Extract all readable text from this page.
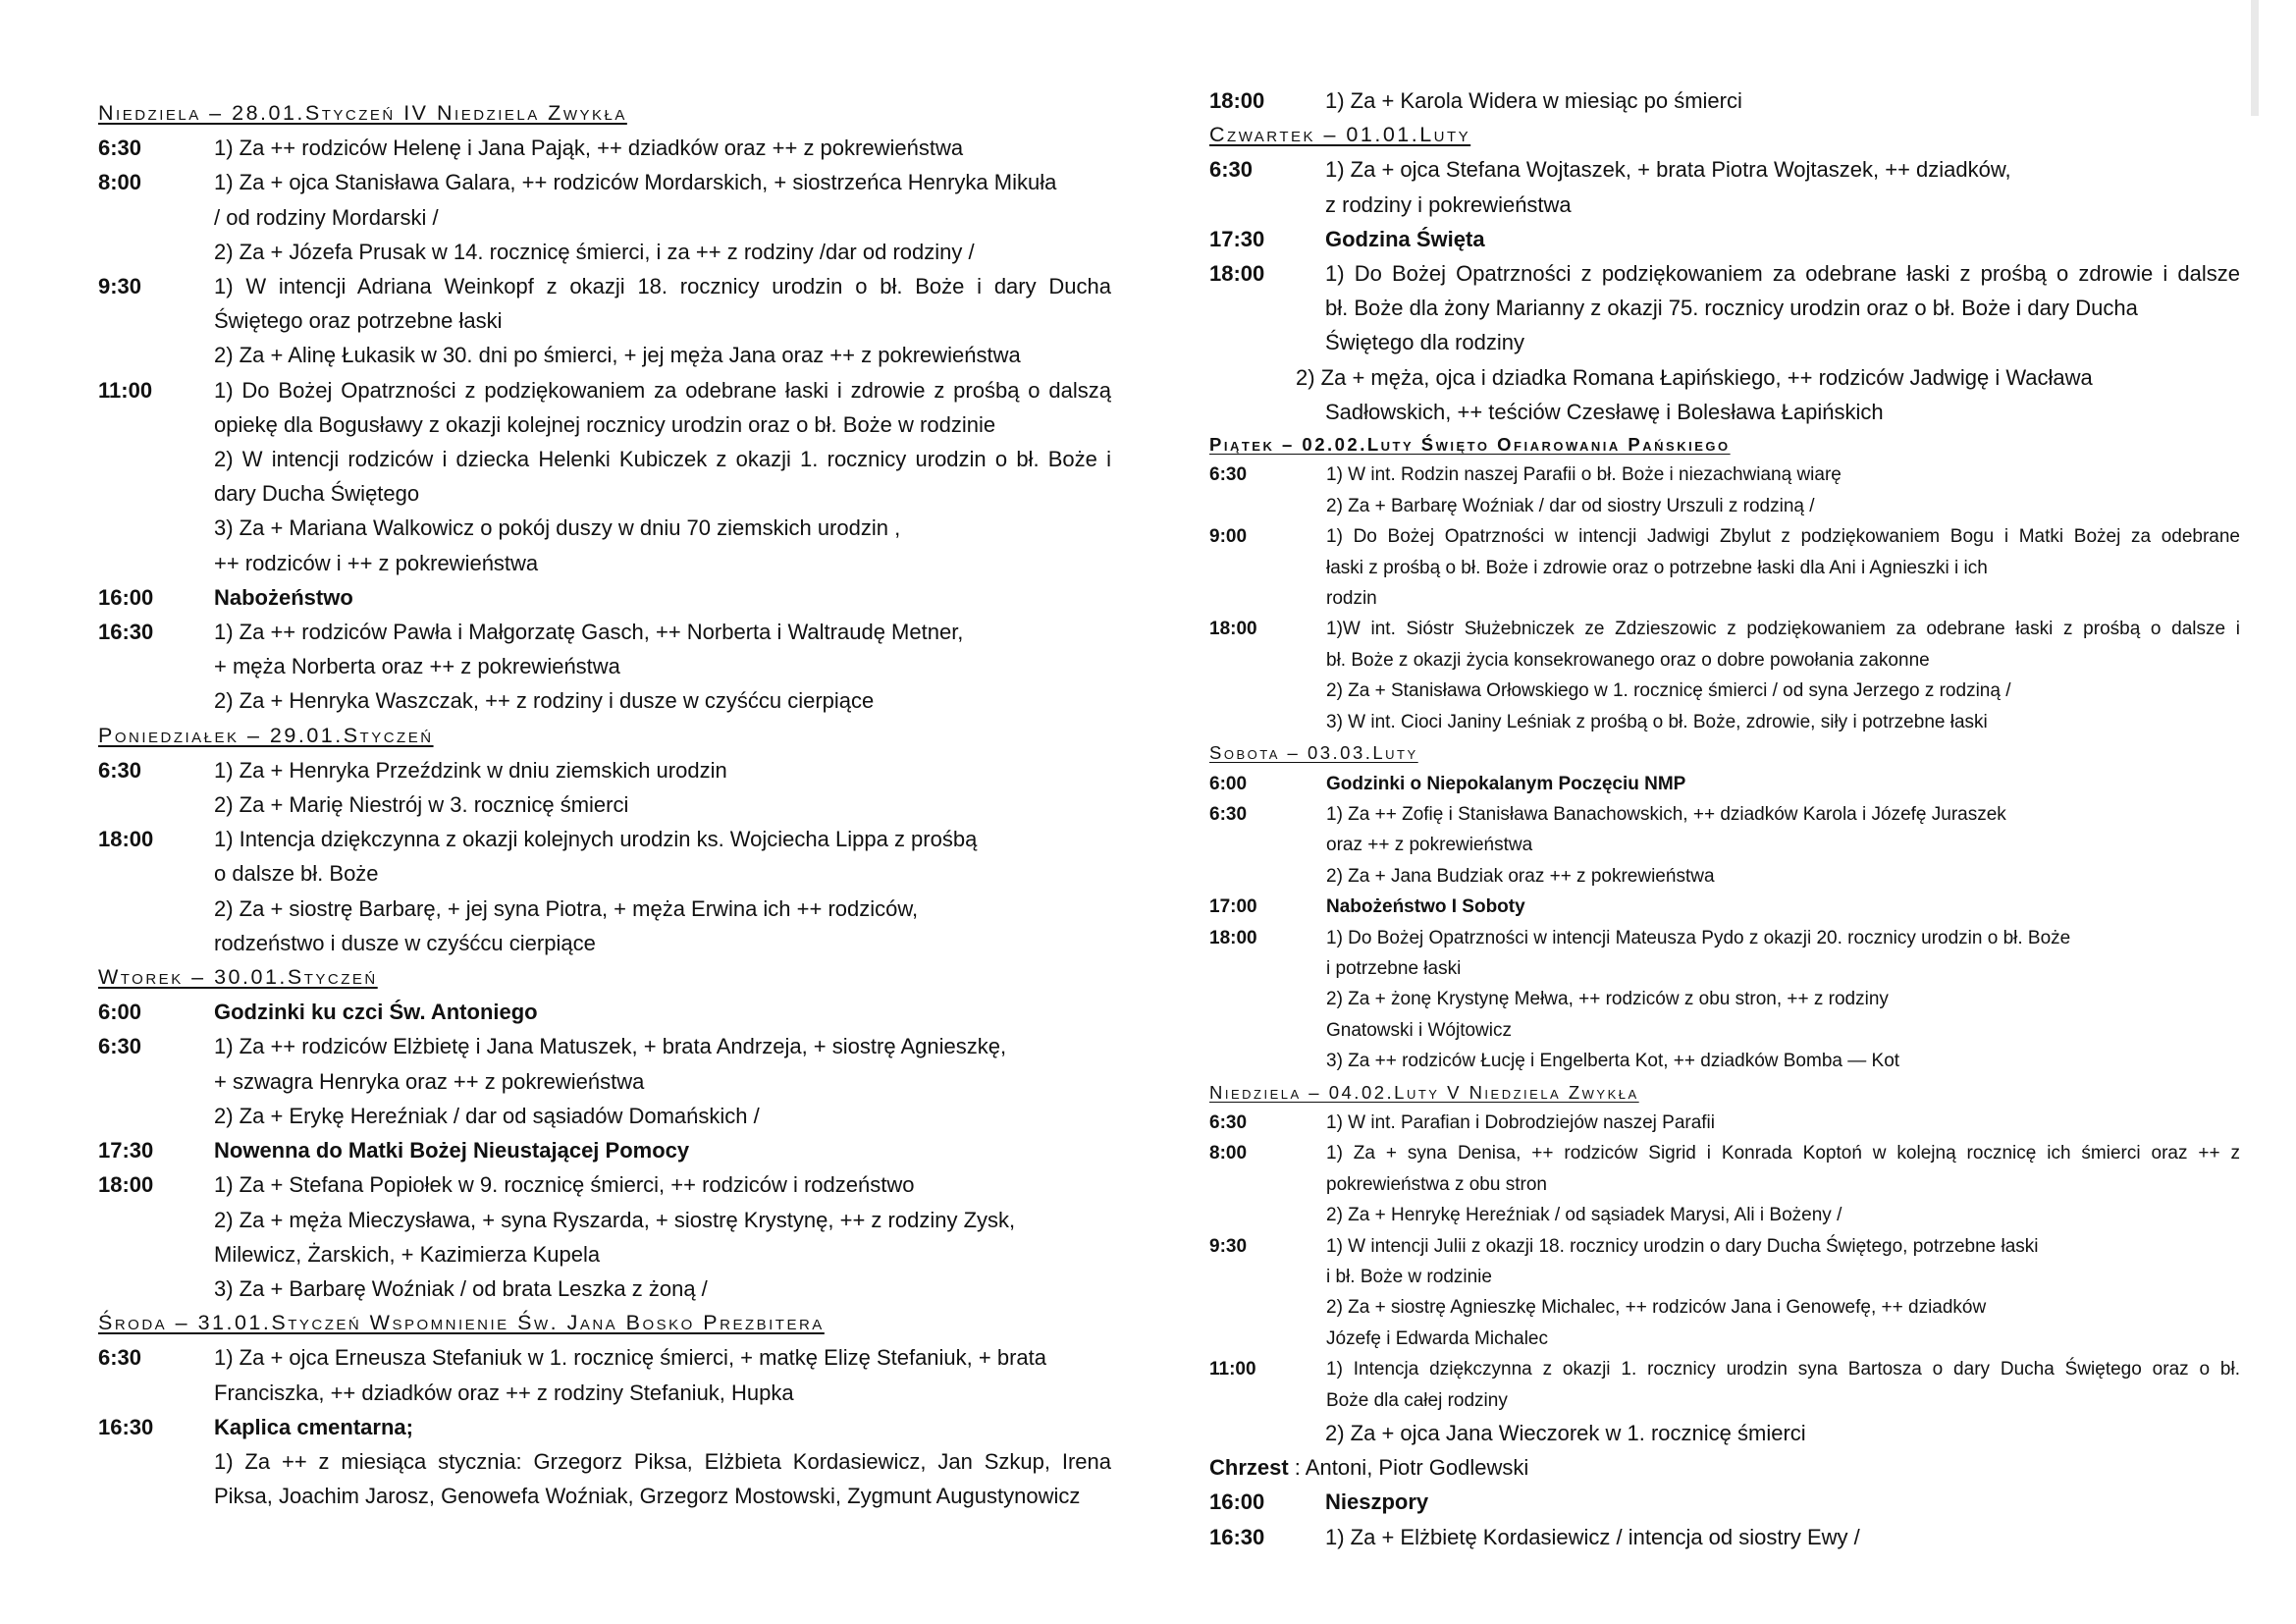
Niedziela – 28.01.Styczeń IV Niedziela Zwykła
6:30	1) Za ++ rodziców Helenę i Jana Pająk, ++ dziadków oraz ++ z pokrewieństwa
8:00	1) Za + ojca Stanisława Galara, ++ rodziców Mordarskich, + siostrzeńca Henryka Mikuła
/ od rodziny Mordarski /
2) Za + Józefa Prusak w 14. rocznicę śmierci, i za ++ z rodziny /dar od rodziny /
9:30	1) W intencji Adriana Weinkopf z okazji 18. rocznicy urodzin o bł. Boże i dary Ducha
Świętego oraz potrzebne łaski
2) Za + Alinę Łukasik w 30. dni po śmierci, + jej męża Jana oraz ++ z pokrewieństwa
11:00	1) Do Bożej Opatrzności z podziękowaniem za odebrane łaski i zdrowie z prośbą o dalszą
opiekę dla Bogusławy z okazji kolejnej rocznicy urodzin oraz o bł. Boże w rodzinie
2) W intencji rodziców i dziecka Helenki Kubiczek z okazji 1. rocznicy urodzin o bł. Boże i
dary Ducha Świętego
3) Za + Mariana Walkowicz o pokój duszy w dniu 70 ziemskich urodzin ,
++ rodziców i ++ z pokrewieństwa
16:00	Nabożeństwo
16:30	1) Za ++ rodziców Pawła i Małgorzatę Gasch, ++ Norberta i Waltraudę Metner,
+ męża Norberta oraz ++ z pokrewieństwa
2) Za + Henryka Waszczak, ++ z rodziny i dusze w czyśćcu cierpiące
Poniedziałek – 29.01.Styczeń
6:30	1) Za + Henryka Przeździnk w dniu ziemskich urodzin
2) Za + Marię Niestrój w 3. rocznicę śmierci
18:00	1) Intencja dziękczynna z okazji kolejnych urodzin ks. Wojciecha Lippa z prośbą
o dalsze bł. Boże
2) Za + siostrę Barbarę, + jej syna Piotra, + męża Erwina ich ++ rodziców,
rodzeństwo i dusze w czyśćcu cierpiące
Wtorek – 30.01.Styczeń
6:00	Godzinki ku czci Św. Antoniego
6:30	1) Za ++ rodziców Elżbietę i Jana Matuszek, + brata Andrzeja, + siostrę Agnieszkę,
+ szwagra Henryka oraz ++ z pokrewieństwa
2) Za + Erykę Hereźniak / dar od sąsiadów Domańskich /
17:30	Nowenna do Matki Bożej Nieustającej Pomocy
18:00	1) Za + Stefana Popiołek w 9. rocznicę śmierci, ++ rodziców i rodzeństwo
2) Za + męża Mieczysława, + syna Ryszarda, + siostrę Krystynę, ++ z rodziny Zysk,
Milewicz, Żarskich, + Kazimierza Kupela
3) Za + Barbarę Woźniak / od brata Leszka z żoną /
Środa – 31.01.Styczeń Wspomnienie Św. Jana Bosko Prezbitera
6:30	1) Za + ojca Erneusza Stefaniuk w 1. rocznicę śmierci, + matkę Elizę Stefaniuk, + brata
Franciszka, ++ dziadków oraz ++ z rodziny Stefaniuk, Hupka
16:30	Kaplica cmentarna;
1) Za ++ z miesiąca stycznia: Grzegorz Piksa, Elżbieta Kordasiewicz, Jan Szkup, Irena
Piksa, Joachim Jarosz, Genowefa Woźniak, Grzegorz Mostowski, Zygmunt Augustynowicz
18:00	1) Za + Karola Widera w miesiąc po śmierci
Czwartek – 01.01.Luty
6:30	1) Za + ojca Stefana Wojtaszek, + brata Piotra Wojtaszek, ++ dziadków,
z rodziny i pokrewieństwa
17:30	Godzina Święta
18:00	1) Do Bożej Opatrzności z podziękowaniem za odebrane łaski z prośbą o zdrowie i dalsze
bł. Boże dla żony Marianny z okazji 75. rocznicy urodzin oraz o bł. Boże i dary Ducha
Świętego dla rodziny
2) Za + męża, ojca i dziadka Romana Łapińskiego, ++ rodziców Jadwigę i Wacława
Sadłowskich, ++ teściów Czesławę i Bolesława Łapińskich
Piątek – 02.02.Luty Święto Ofiarowania Pańskiego
6:30	1) W int. Rodzin naszej Parafii o bł. Boże i niezachwianą wiarę
2) Za + Barbarę Woźniak / dar od siostry Urszuli z rodziną /
9:00	1) Do Bożej Opatrzności w intencji Jadwigi Zbylut z podziękowaniem Bogu i Matki Bożej za odebrane
łaski z prośbą o bł. Boże i zdrowie oraz o potrzebne łaski dla Ani i Agnieszki i ich
rodzin
18:00	1)W int. Sióstr Służebniczek ze Zdzieszowic z podziękowaniem za odebrane łaski z prośbą o dalsze i
bł. Boże z okazji życia konsekrowanego oraz o dobre powołania zakonne
2) Za + Stanisława Orłowskiego w 1. rocznicę śmierci / od syna Jerzego z rodziną /
3) W int. Cioci Janiny Leśniak z prośbą o bł. Boże, zdrowie, siły i potrzebne łaski
Sobota – 03.03.Luty
6:00	Godzinki o Niepokalanym Poczęciu NMP
6:30	1) Za ++ Zofię i Stanisława Banachowskich, ++ dziadków Karola i Józefę Juraszek
oraz ++ z pokrewieństwa
2) Za + Jana Budziak oraz ++ z pokrewieństwa
17:00	Nabożeństwo I Soboty
18:00	1) Do Bożej Opatrzności w intencji Mateusza Pydo z okazji 20. rocznicy urodzin o bł. Boże
i potrzebne łaski
2) Za + żonę Krystynę Mełwa, ++ rodziców z obu stron, ++ z rodziny
Gnatowski i Wójtowicz
3) Za ++ rodziców Łucję i Engelberta Kot, ++ dziadków Bomba — Kot
Niedziela – 04.02.Luty V Niedziela Zwykła
6:30	1) W int. Parafian i Dobrodziejów naszej Parafii
8:00	1) Za + syna Denisa, ++ rodziców Sigrid i Konrada Koptoń w kolejną rocznicę ich śmierci oraz ++ z
pokrewieństwa z obu stron
2) Za + Henrykę Hereźniak / od sąsiadek Marysi, Ali i Bożeny /
9:30	1) W intencji Julii z okazji 18. rocznicy urodzin o dary Ducha Świętego, potrzebne łaski
i bł. Boże w rodzinie
2) Za + siostrę Agnieszkę Michalec, ++ rodziców Jana i Genowefę, ++ dziadków
Józefę i Edwarda Michalec
11:00	1) Intencja dziękczynna z okazji 1. rocznicy urodzin syna Bartosza o dary Ducha Świętego oraz o bł.
Boże dla całej rodziny
2) Za + ojca Jana Wieczorek w 1. rocznicę śmierci
Chrzest : Antoni, Piotr Godlewski
16:00	Nieszpory
16:30	1) Za + Elżbietę Kordasiewicz / intencja od siostry Ewy /
